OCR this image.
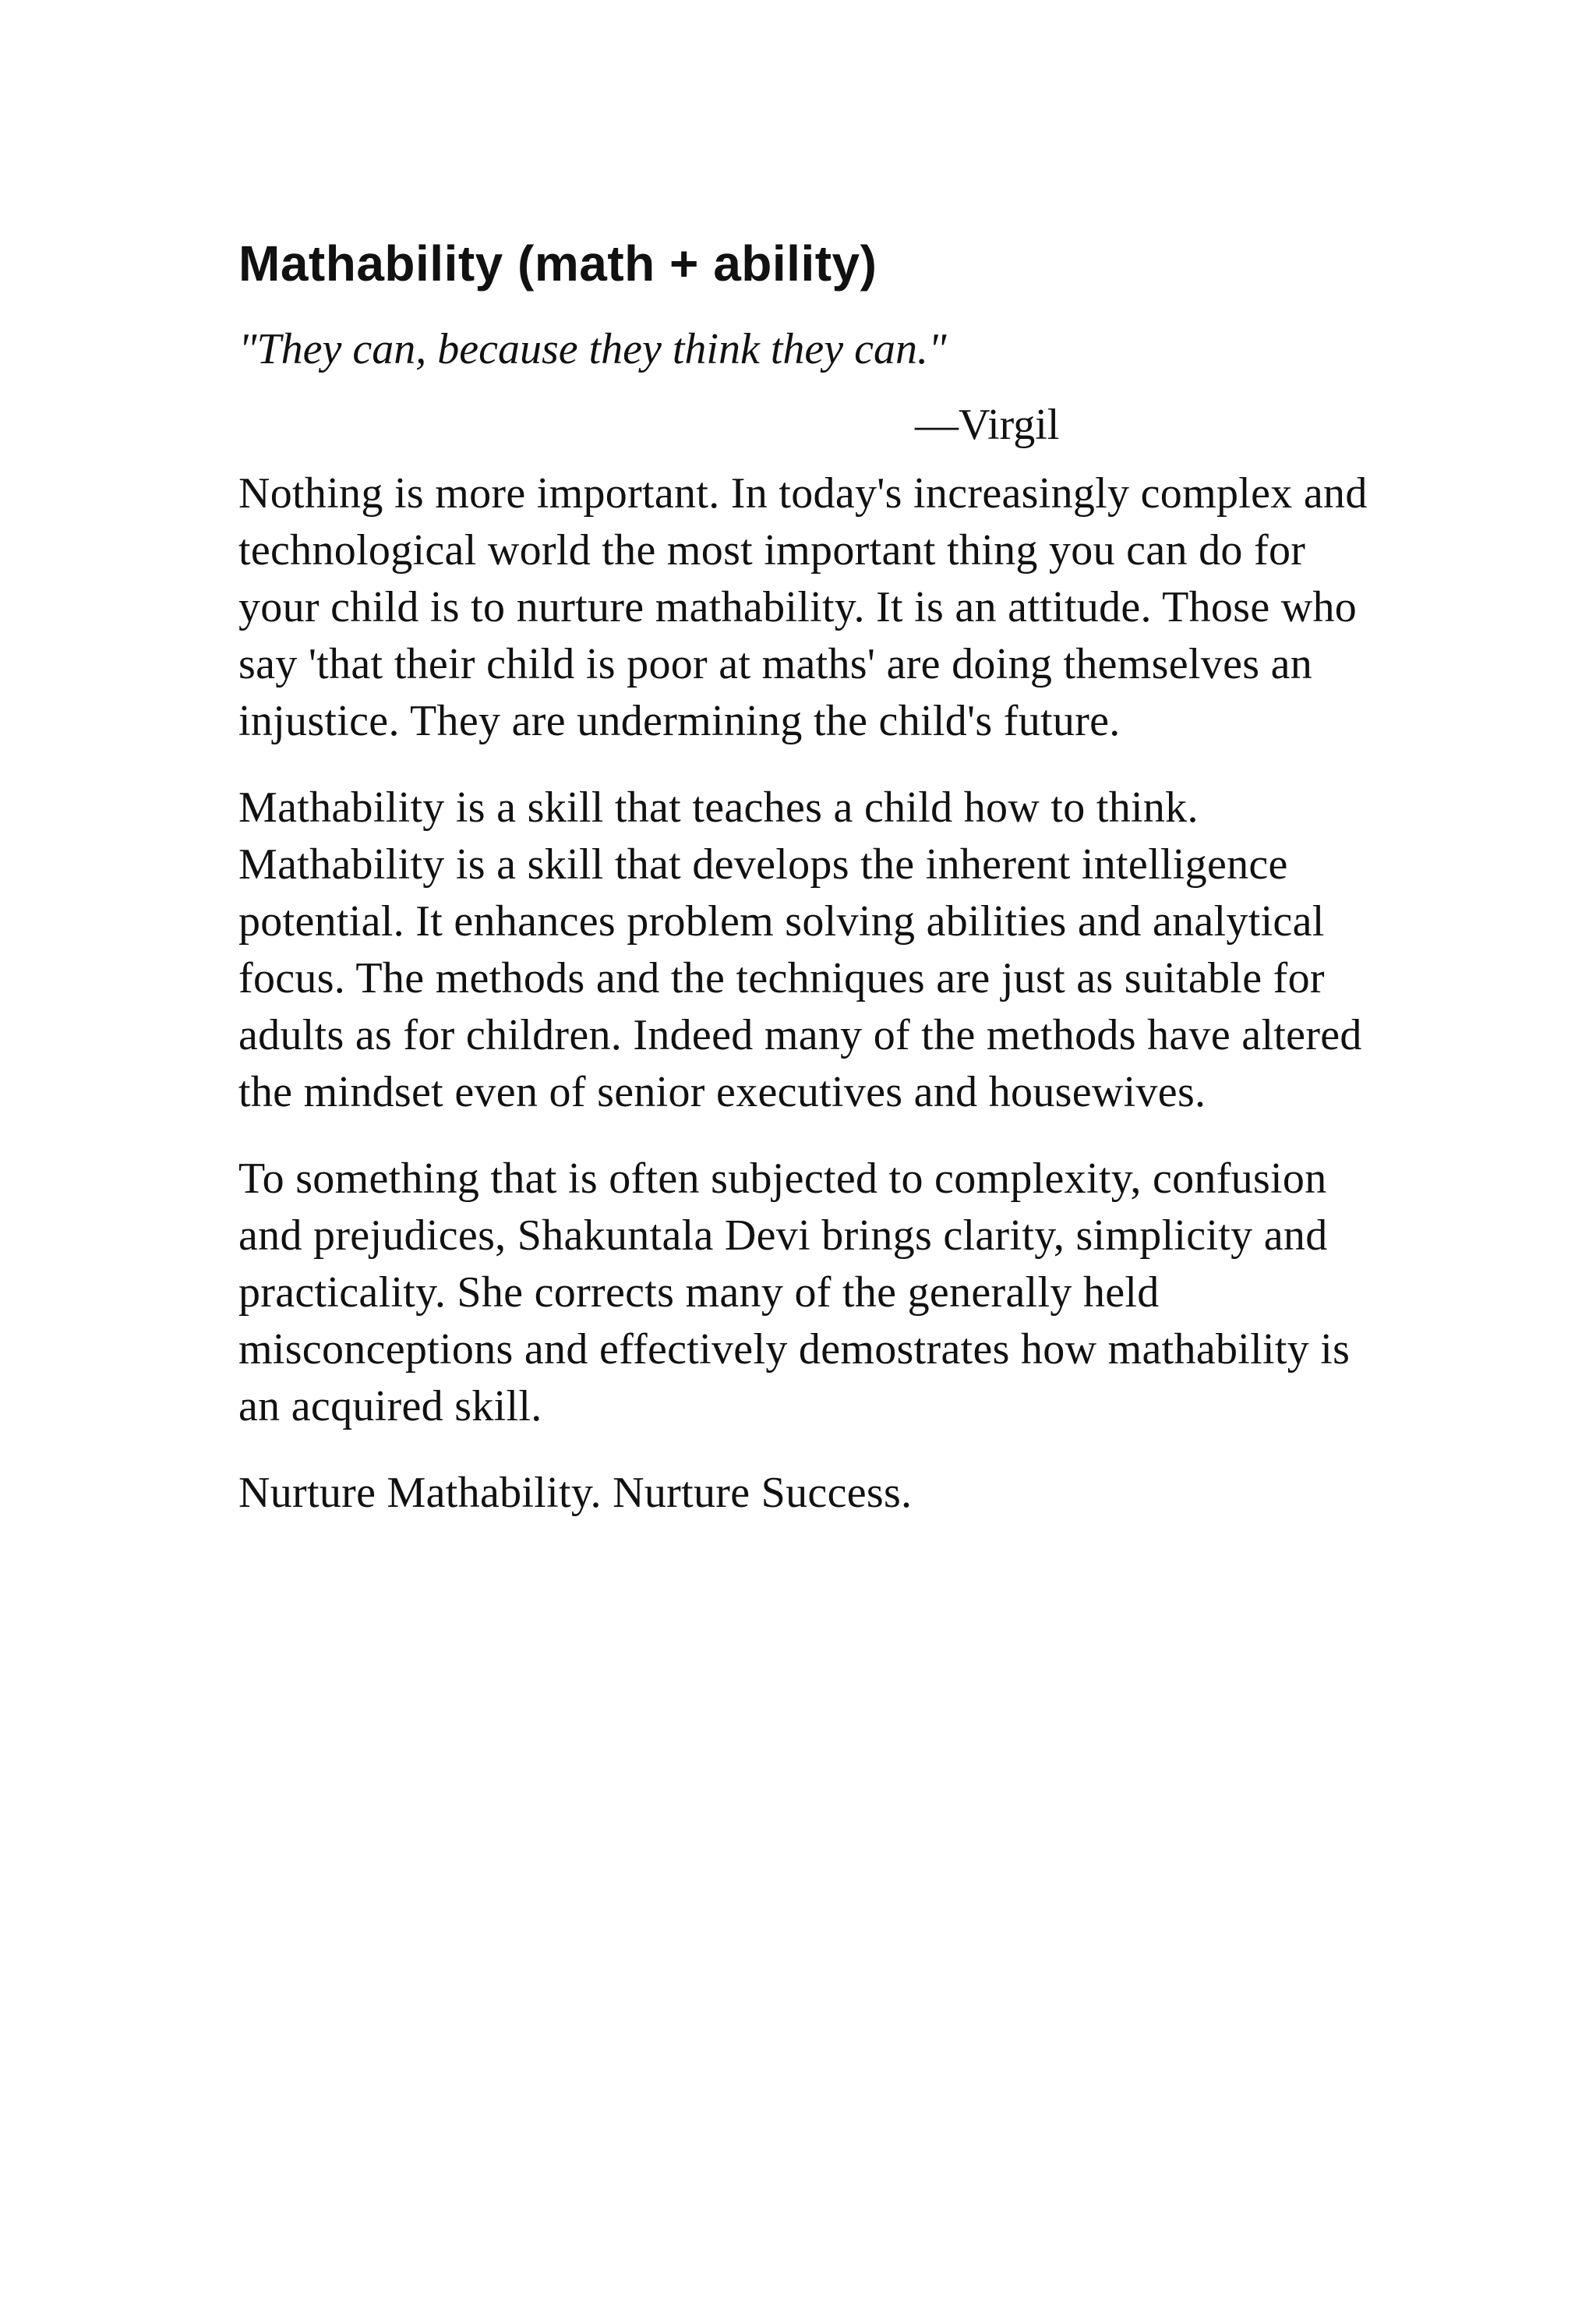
Mathability (math + ability)

"They can, because they think they can."

—Virgil

Nothing is more important. In today's increasingly complex and technological world the most important thing you can do for your child is to nurture mathability. It is an attitude. Those who say 'that their child is poor at maths' are doing themselves an injustice. They are undermining the child's future.

Mathability is a skill that teaches a child how to think. Mathability is a skill that develops the inherent intelligence potential. It enhances problem solving abilities and analytical focus. The methods and the techniques are just as suitable for adults as for children. Indeed many of the methods have altered the mindset even of senior executives and housewives.

To something that is often subjected to complexity, confusion and prejudices, Shakuntala Devi brings clarity, simplicity and practicality. She corrects many of the generally held misconceptions and effectively demostrates how mathability is an acquired skill.

Nurture Mathability. Nurture Success.
